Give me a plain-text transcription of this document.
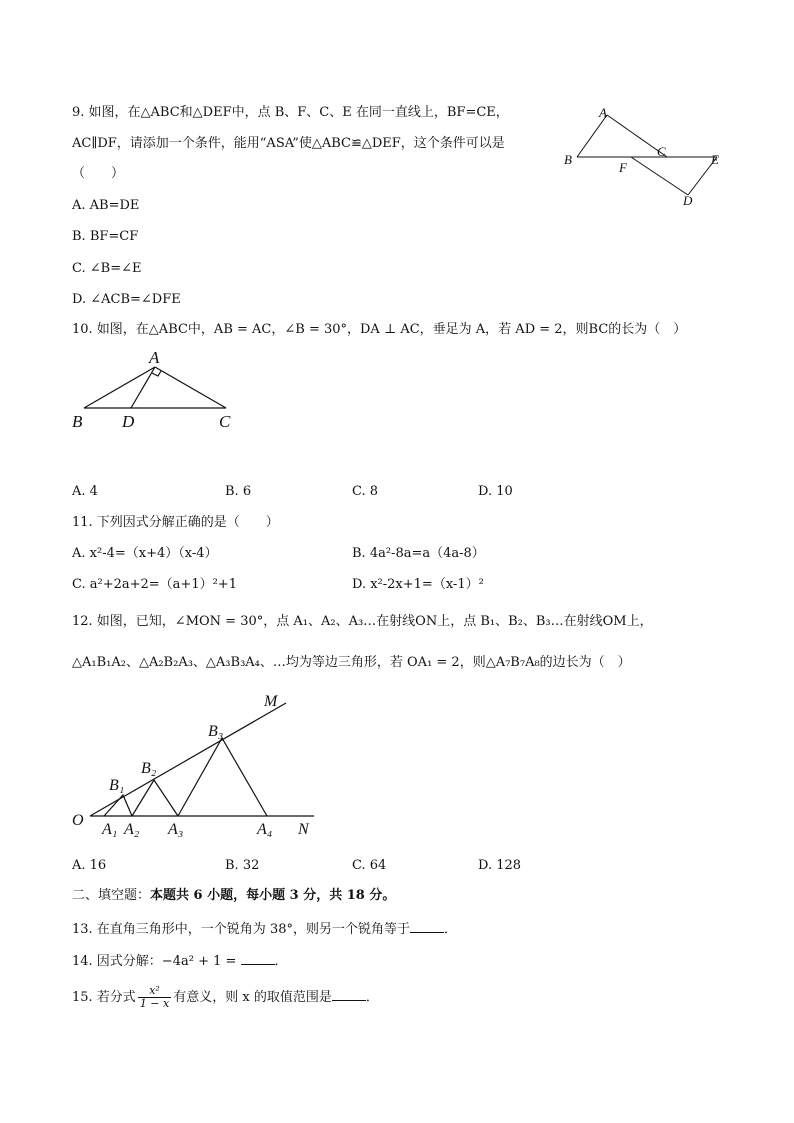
9. 如图，在△ABC和△DEF中，点 B、F、C、E 在同一直线上，BF=CE，
AC∥DF，请添加一个条件，能用“ASA”使△ABC≌△DEF，这个条件可以是
（　　）
A. AB=DE
B. BF=CF
C. ∠B=∠E
D. ∠ACB=∠DFE
A
B
C
E
F
D
10. 如图，在△ABC中，AB = AC，∠B = 30°，DA ⊥ AC，垂足为 A，若 AD = 2，则BC的长为（　）
A
B D	C
A. 4	B. 6	C. 8	D. 10
11. 下列因式分解正确的是（　　）
A. x²-4=（x+4）（x-4）	B. 4a²-8a=a（4a-8）
C. a²+2a+2=（a+1）²+1	D. x²-2x+1=（x-1）²
12. 如图，已知，∠MON = 30°，点 A₁、A₂、A₃…在射线ON上，点 B₁、B₂、B₃…在射线OM上，
△A₁B₁A₂、△A₂B₂A₃、△A₃B₃A₄、…均为等边三角形，若 OA₁ = 2，则△A₇B₇A₈的边长为（　）
M
B₃
B₂
B₁
O
A₁ A₂ A₃	A₄ N
A. 16	B. 32	C. 64	D. 128
二、填空题：本题共 6 小题，每小题 3 分，共 18 分。
13. 在直角三角形中，一个锐角为 38°，则另一个锐角等于	．
14. 因式分解：−4a² + 1 =	．
15. 若分式 $\frac{\text{x²}}{1 - x}$ 有意义，则 x 的取值范围是	．
